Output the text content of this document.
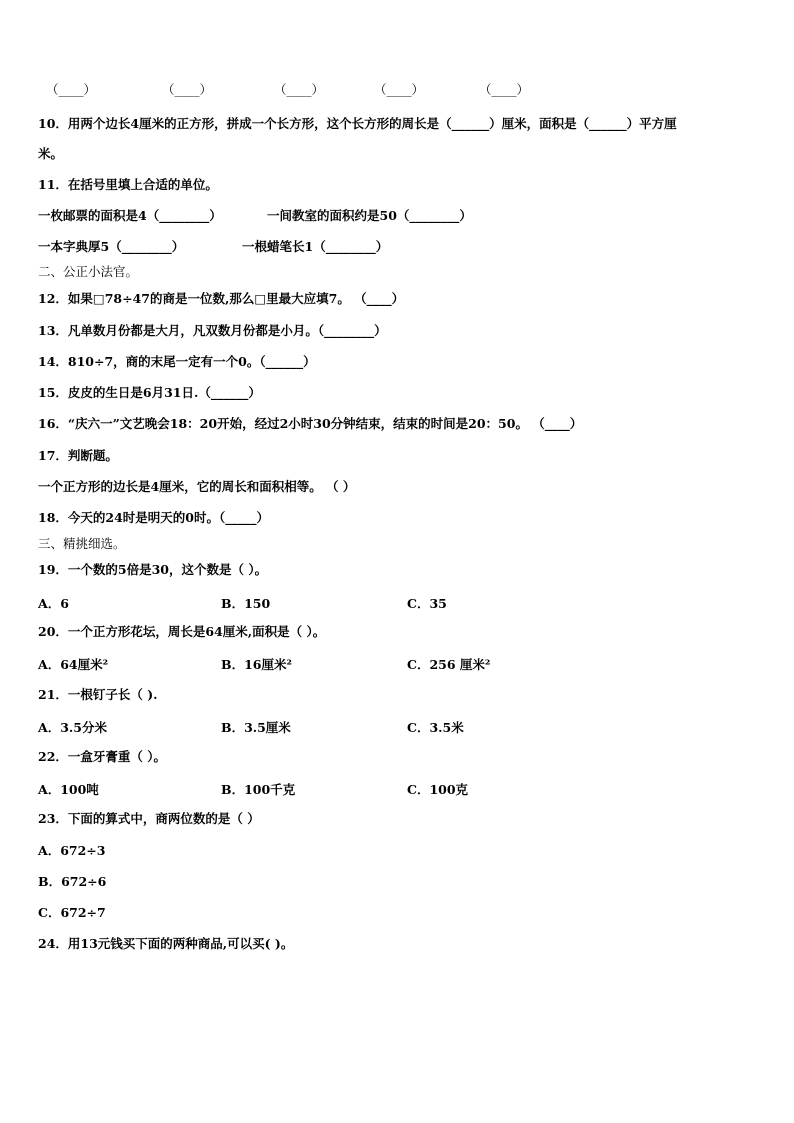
（____）	（____）	（____）	（____）	（____）
10．用两个边长4厘米的正方形，拼成一个长方形，这个长方形的周长是（______）厘米，面积是（______）平方厘
米。
11．在括号里填上合适的单位。
一枚邮票的面积是4（________）	一间教室的面积约是50（________）
一本字典厚5（________）	一根蜡笔长1（________）
二、公正小法官。
12．如果□78÷47的商是一位数,那么□里最大应填7。 （____）
13．凡单数月份都是大月，凡双数月份都是小月。（________）
14．810÷7，商的末尾一定有一个0。（______）
15．皮皮的生日是6月31日.（______）
16．“庆六一”文艺晚会18：20开始，经过2小时30分钟结束，结束的时间是20：50。 （____）
17．判断题。
一个正方形的边长是4厘米，它的周长和面积相等。 （ ）
18．今天的24时是明天的0时。（_____）
三、精挑细选。
19．一个数的5倍是30，这个数是（ ）。
A．6	B．150	C．35
20．一个正方形花坛，周长是64厘米,面积是（ ）。
A．64厘米²	B．16厘米²	C．256 厘米²
21．一根钉子长（ ).
A．3.5分米	B．3.5厘米	C．3.5米
22．一盒牙膏重（ ）。
A．100吨	B．100千克	C．100克
23．下面的算式中，商两位数的是（ ）
A．672÷3
B．672÷6
C．672÷7
24．用13元钱买下面的两种商品,可以买( )。
